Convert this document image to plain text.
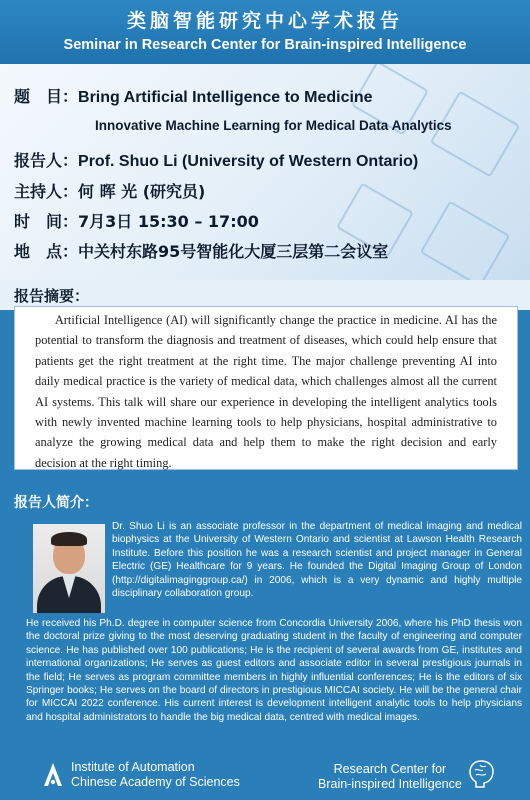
类脑智能研究中心学术报告
Seminar in Research Center for Brain-inspired Intelligence
题　目：Bring Artificial Intelligence to Medicine
Innovative Machine Learning for Medical Data Analytics
报告人：Prof. Shuo Li (University of Western Ontario)
主持人：何 晖 光 (研究员)
时　间：7月3日 15:30 – 17:00
地　点：中关村东路95号智能化大厦三层第二会议室
报告摘要：
Artificial Intelligence (AI) will significantly change the practice in medicine. AI has the potential to transform the diagnosis and treatment of diseases, which could help ensure that patients get the right treatment at the right time. The major challenge preventing AI into daily medical practice is the variety of medical data, which challenges almost all the current AI systems. This talk will share our experience in developing the intelligent analytics tools with newly invented machine learning tools to help physicians, hospital administrative to analyze the growing medical data and help them to make the right decision and early decision at the right timing.
报告人简介：
Dr. Shuo Li is an associate professor in the department of medical imaging and medical biophysics at the University of Western Ontario and scientist at Lawson Health Research Institute. Before this position he was a research scientist and project manager in General Electric (GE) Healthcare for 9 years. He founded the Digital Imaging Group of London (http://digitalimaginggroup.ca/) in 2006, which is a very dynamic and highly multiple disciplinary collaboration group.
He received his Ph.D. degree in computer science from Concordia University 2006, where his PhD thesis won the doctoral prize giving to the most deserving graduating student in the faculty of engineering and computer science. He has published over 100 publications; He is the recipient of several awards from GE, institutes and international organizations; He serves as guest editors and associate editor in several prestigious journals in the field; He serves as program committee members in highly influential conferences; He is the editors of six Springer books; He serves on the board of directors in prestigious MICCAI society. He will be the general chair for MICCAI 2022 conference. His current interest is development intelligent analytic tools to help physicians and hospital administrators to handle the big medical data, centred with medical images.
Institute of Automation
Chinese Academy of Sciences
Research Center for
Brain-inspired Intelligence
